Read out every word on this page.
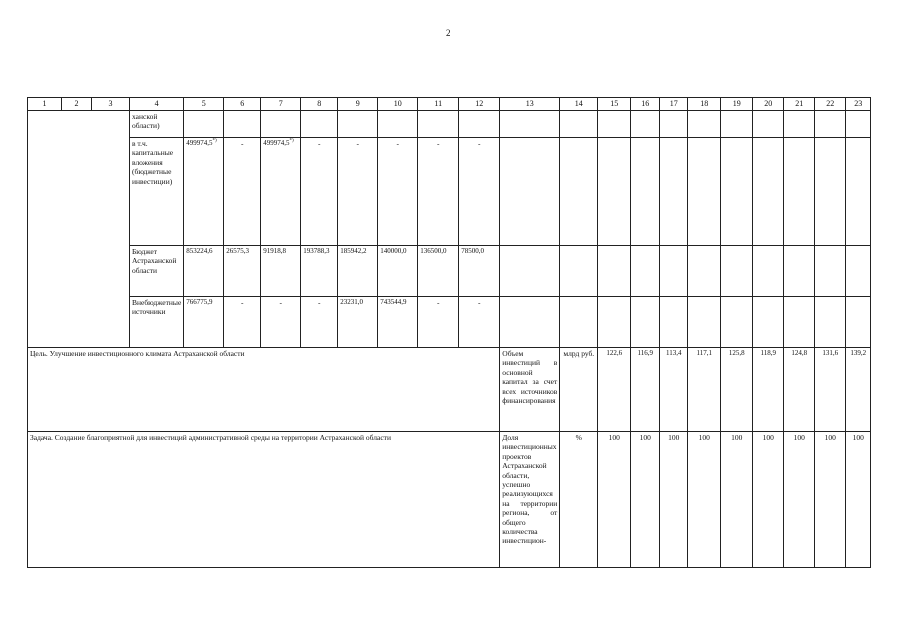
2
1	2	3	4	5	6	7	8	9	10	11	12	13	14	15	16	17	18	19	20	21	22	23
			ханской области)																			
			в т.ч. капитальные вложения (бюджетные инвестиции)	499974,5*)	-	499974,5*)	-	-	-	-	-											
			Бюджет Астраханской области	853224,6	26575,3	91918,8	193788,3	185942,2	140000,0	136500,0	78500,0											
			Внебюджетные источники	766775,9	-	-	-	23231,0	743544,9	-	-											
Цель. Улучшение инвестиционного климата Астраханской области												Объем инвестиций в основной капитал за счет всех источников финансирования	млрд руб.	122,6	116,9	113,4	117,1	125,8	118,9	124,8	131,6	139,2
Задача. Создание благоприятной для инвестиций административной среды на территории Астраханской области												Доля инвестиционных проектов Астраханской области, успешно реализующихся на территории региона, от общего количества инвестицион-	%	100	100	100	100	100	100	100	100	100
